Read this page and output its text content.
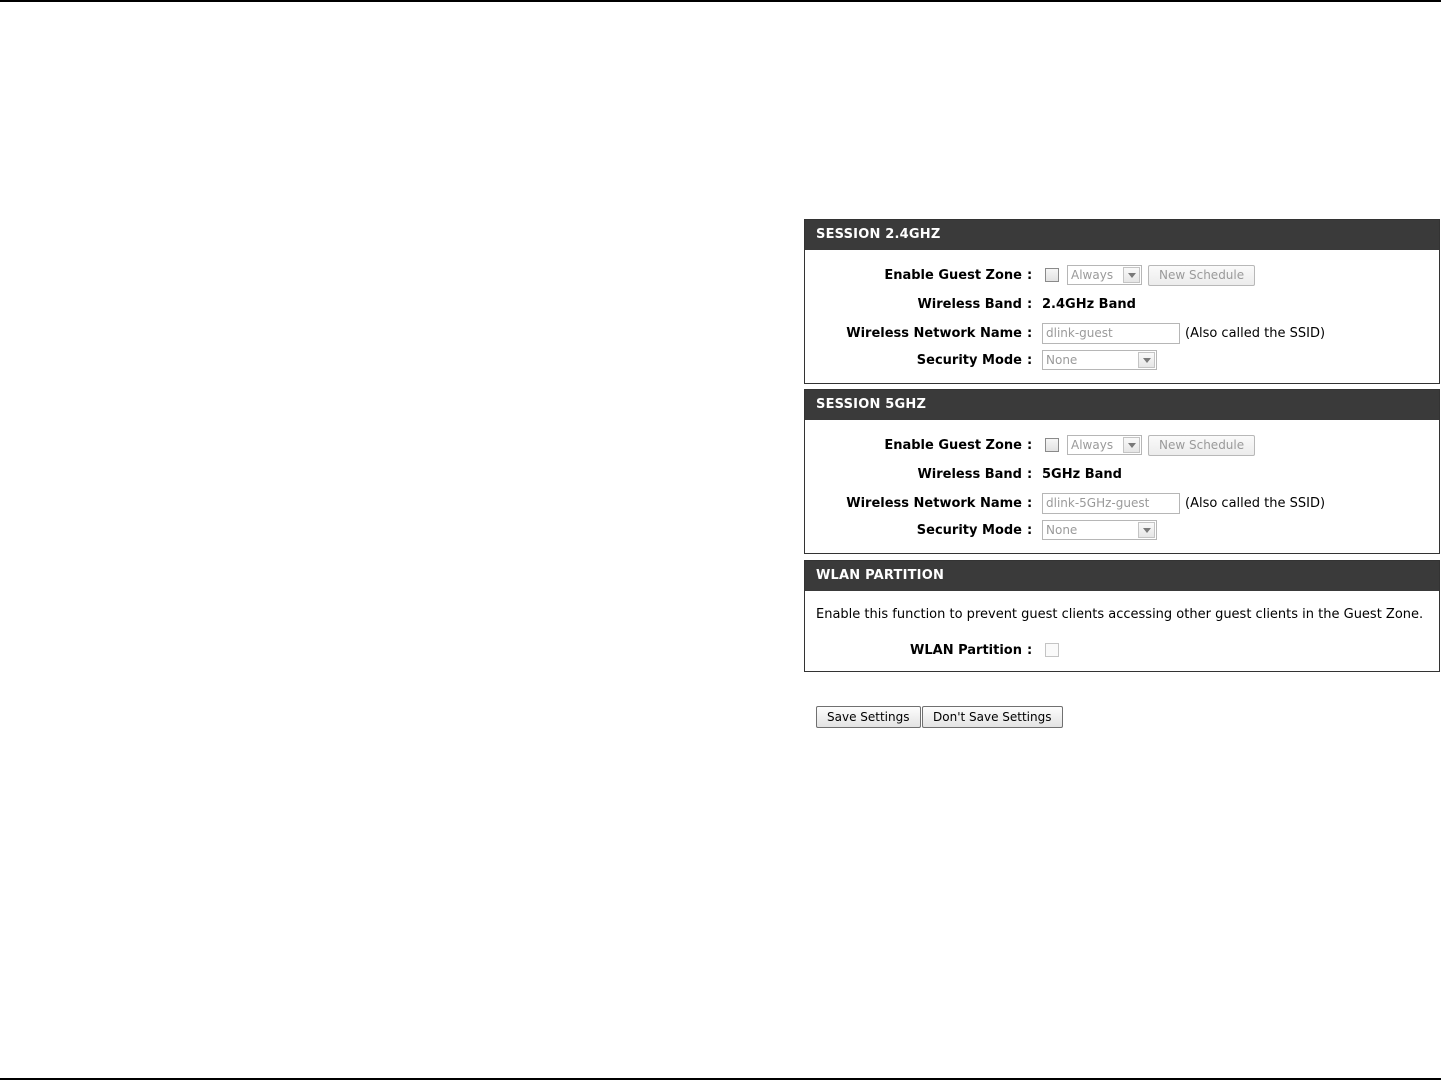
SESSION 2.4GHZ
Enable Guest Zone :	Always	New Schedule
Wireless Band : 2.4GHz Band
Wireless Network Name :	dlink-guest	(Also called the SSID)
Security Mode :	None
SESSION 5GHZ
Enable Guest Zone :	Always	New Schedule
Wireless Band : 5GHz Band
Wireless Network Name :	dlink-5GHz-guest	(Also called the SSID)
Security Mode :	None
WLAN PARTITION
Enable this function to prevent guest clients accessing other guest clients in the Guest Zone.
WLAN Partition :
Save Settings	Don't Save Settings
